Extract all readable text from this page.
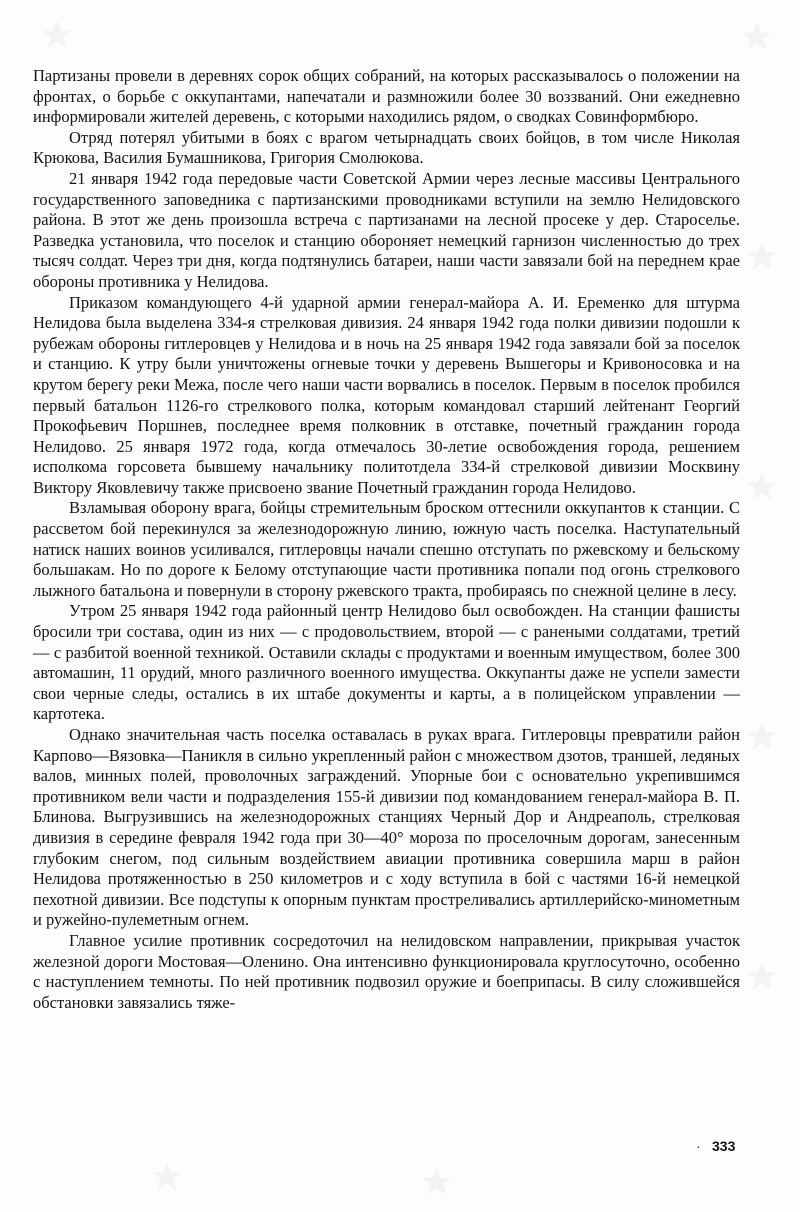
Партизаны провели в деревнях сорок общих собраний, на которых рассказывалось о положении на фронтах, о борьбе с оккупантами, напечатали и размножили более 30 воззваний. Они ежедневно информировали жителей деревень, с которыми находились рядом, о сводках Совинформбюро.

Отряд потерял убитыми в боях с врагом четырнадцать своих бойцов, в том числе Николая Крюкова, Василия Бумашникова, Григория Смолюкова.

21 января 1942 года передовые части Советской Армии через лесные массивы Центрального государственного заповедника с партизанскими проводниками вступили на землю Нелидовского района. В этот же день произошла встреча с партизанами на лесной просеке у дер. Староселье. Разведка установила, что поселок и станцию обороняет немецкий гарнизон численностью до трех тысяч солдат. Через три дня, когда подтянулись батареи, наши части завязали бой на переднем крае обороны противника у Нелидова.

Приказом командующего 4-й ударной армии генерал-майора А. И. Еременко для штурма Нелидова была выделена 334-я стрелковая дивизия. 24 января 1942 года полки дивизии подошли к рубежам обороны гитлеровцев у Нелидова и в ночь на 25 января 1942 года завязали бой за поселок и станцию. К утру были уничтожены огневые точки у деревень Вышегоры и Кривоносовка и на крутом берегу реки Межа, после чего наши части ворвались в поселок. Первым в поселок пробился первый батальон 1126-го стрелкового полка, которым командовал старший лейтенант Георгий Прокофьевич Поршнев, последнее время полковник в отставке, почетный гражданин города Нелидово. 25 января 1972 года, когда отмечалось 30-летие освобождения города, решением исполкома горсовета бывшему начальнику политотдела 334-й стрелковой дивизии Москвину Виктору Яковлевичу также присвоено звание Почетный гражданин города Нелидово.

Взламывая оборону врага, бойцы стремительным броском оттеснили оккупантов к станции. С рассветом бой перекинулся за железнодорожную линию, южную часть поселка. Наступательный натиск наших воинов усиливался, гитлеровцы начали спешно отступать по ржевскому и бельскому большакам. Но по дороге к Белому отступающие части противника попали под огонь стрелкового лыжного батальона и повернули в сторону ржевского тракта, пробираясь по снежной целине в лесу.

Утром 25 января 1942 года районный центр Нелидово был освобожден. На станции фашисты бросили три состава, один из них — с продовольствием, второй — с ранеными солдатами, третий — с разбитой военной техникой. Оставили склады с продуктами и военным имуществом, более 300 автомашин, 11 орудий, много различного военного имущества. Оккупанты даже не успели замести свои черные следы, остались в их штабе документы и карты, а в полицейском управлении — картотека.

Однако значительная часть поселка оставалась в руках врага. Гитлеровцы превратили район Карпово—Вязовка—Паникля в сильно укрепленный район с множеством дзотов, траншей, ледяных валов, минных полей, проволочных заграждений. Упорные бои с основательно укрепившимся противником вели части и подразделения 155-й дивизии под командованием генерал-майора В. П. Блинова. Выгрузившись на железнодорожных станциях Черный Дор и Андреаполь, стрелковая дивизия в середине февраля 1942 года при 30—40° мороза по проселочным дорогам, занесенным глубоким снегом, под сильным воздействием авиации противника совершила марш в район Нелидова протяженностью в 250 километров и с ходу вступила в бой с частями 16-й немецкой пехотной дивизии. Все подступы к опорным пунктам простреливались артиллерийско-минометным и ружейно-пулеметным огнем.

Главное усилие противник сосредоточил на нелидовском направлении, прикрывая участок железной дороги Мостовая—Оленино. Она интенсивно функционировала круглосуточно, особенно с наступлением темноты. По ней противник подвозил оружие и боеприпасы. В силу сложившейся обстановки завязались тяже-

· 333
